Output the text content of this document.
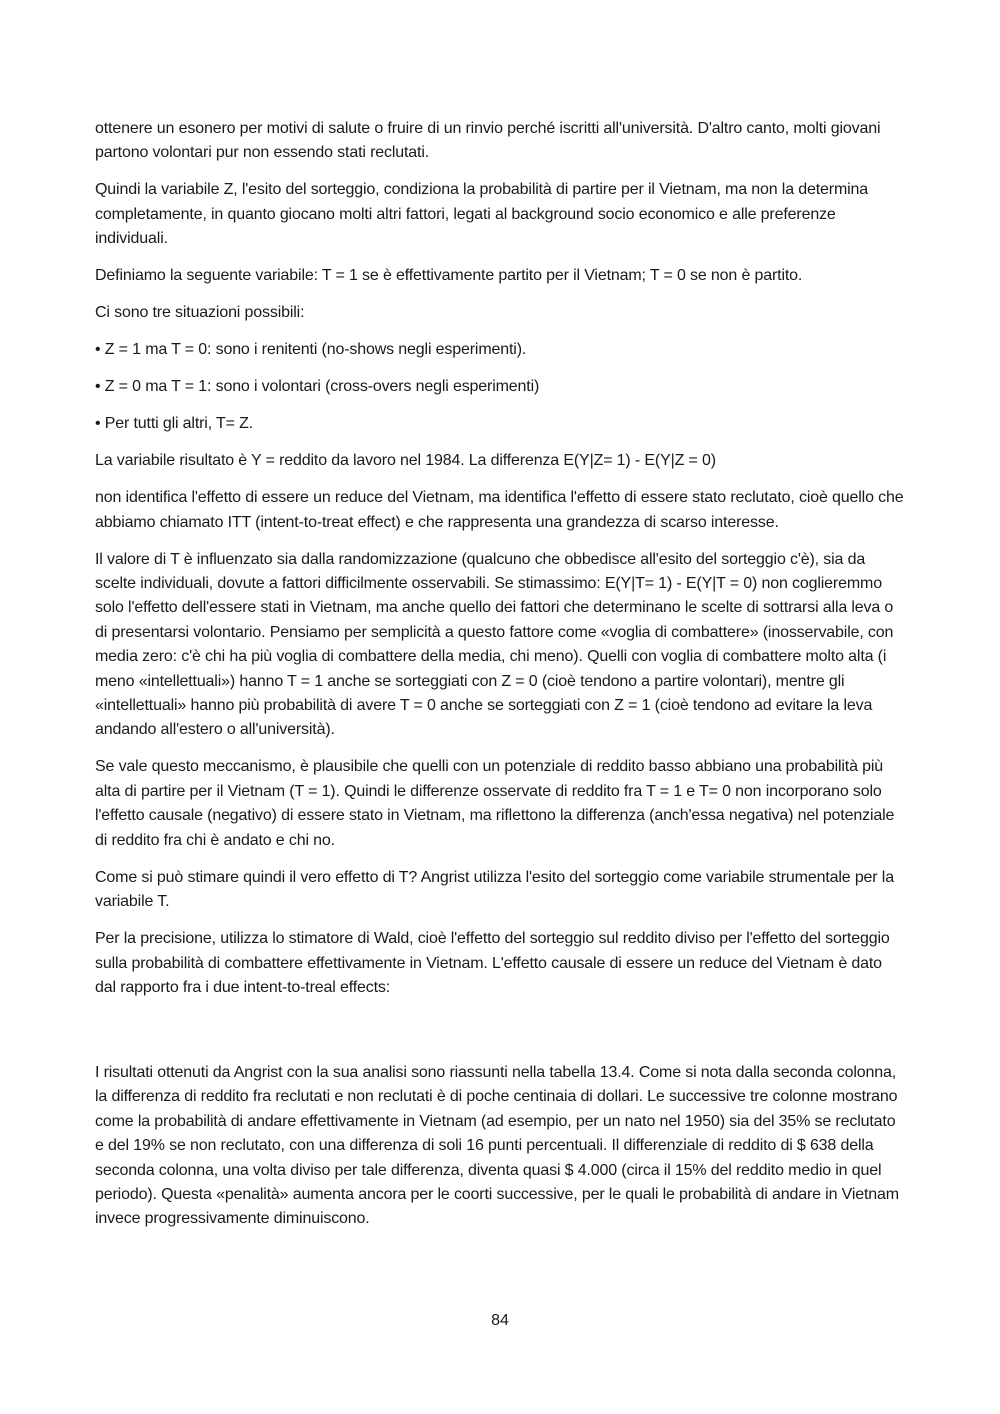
ottenere un esonero per motivi di salute o fruire di un rinvio perché iscritti all'università. D'altro canto, molti giovani partono volontari pur non essendo stati reclutati.

Quindi la variabile Z, l'esito del sorteggio, condiziona la probabilità di partire per il Vietnam, ma non la determina completamente, in quanto giocano molti altri fattori, legati al background socio economico e alle preferenze individuali.

Definiamo la seguente variabile: T = 1 se è effettivamente partito per il Vietnam; T = 0 se non è partito.

Ci sono tre situazioni possibili:

• Z = 1 ma T = 0: sono i renitenti (no-shows negli esperimenti).
• Z = 0 ma T = 1: sono i volontari (cross-overs negli esperimenti)
• Per tutti gli altri, T= Z.

La variabile risultato è Y = reddito da lavoro nel 1984. La differenza E(Y|Z= 1) - E(Y|Z = 0)

non identifica l'effetto di essere un reduce del Vietnam, ma identifica l'effetto di essere stato reclutato, cioè quello che abbiamo chiamato ITT (intent-to-treat effect) e che rappresenta una grandezza di scarso interesse.

Il valore di T è influenzato sia dalla randomizzazione (qualcuno che obbedisce all'esito del sorteggio c'è), sia da scelte individuali, dovute a fattori difficilmente osservabili. Se stimassimo: E(Y|T= 1) - E(Y|T = 0) non coglieremmo solo l'effetto dell'essere stati in Vietnam, ma anche quello dei fattori che determinano le scelte di sottrarsi alla leva o di presentarsi volontario. Pensiamo per semplicità a questo fattore come «voglia di combattere» (inosservabile, con media zero: c'è chi ha più voglia di combattere della media, chi meno). Quelli con voglia di combattere molto alta (i meno «intellettuali») hanno T = 1 anche se sorteggiati con Z = 0 (cioè tendono a partire volontari), mentre gli «intellettuali» hanno più probabilità di avere T = 0 anche se sorteggiati con Z = 1 (cioè tendono ad evitare la leva andando all'estero o all'università).

Se vale questo meccanismo, è plausibile che quelli con un potenziale di reddito basso abbiano una probabilità più alta di partire per il Vietnam (T = 1). Quindi le differenze osservate di reddito fra T = 1 e T= 0 non incorporano solo l'effetto causale (negativo) di essere stato in Vietnam, ma riflettono la differenza (anch'essa negativa) nel potenziale di reddito fra chi è andato e chi no.

Come si può stimare quindi il vero effetto di T? Angrist utilizza l'esito del sorteggio come variabile strumentale per la variabile T.

Per la precisione, utilizza lo stimatore di Wald, cioè l'effetto del sorteggio sul reddito diviso per l'effetto del sorteggio sulla probabilità di combattere effettivamente in Vietnam. L'effetto causale di essere un reduce del Vietnam è dato dal rapporto fra i due intent-to-treal effects:

I risultati ottenuti da Angrist con la sua analisi sono riassunti nella tabella 13.4. Come si nota dalla seconda colonna, la differenza di reddito fra reclutati e non reclutati è di poche centinaia di dollari. Le successive tre colonne mostrano come la probabilità di andare effettivamente in Vietnam (ad esempio, per un nato nel 1950) sia del 35% se reclutato e del 19% se non reclutato, con una differenza di soli 16 punti percentuali. Il differenziale di reddito di $ 638 della seconda colonna, una volta diviso per tale differenza, diventa quasi $ 4.000 (circa il 15% del reddito medio in quel periodo). Questa «penalità» aumenta ancora per le coorti successive, per le quali le probabilità di andare in Vietnam invece progressivamente diminuiscono.

84
